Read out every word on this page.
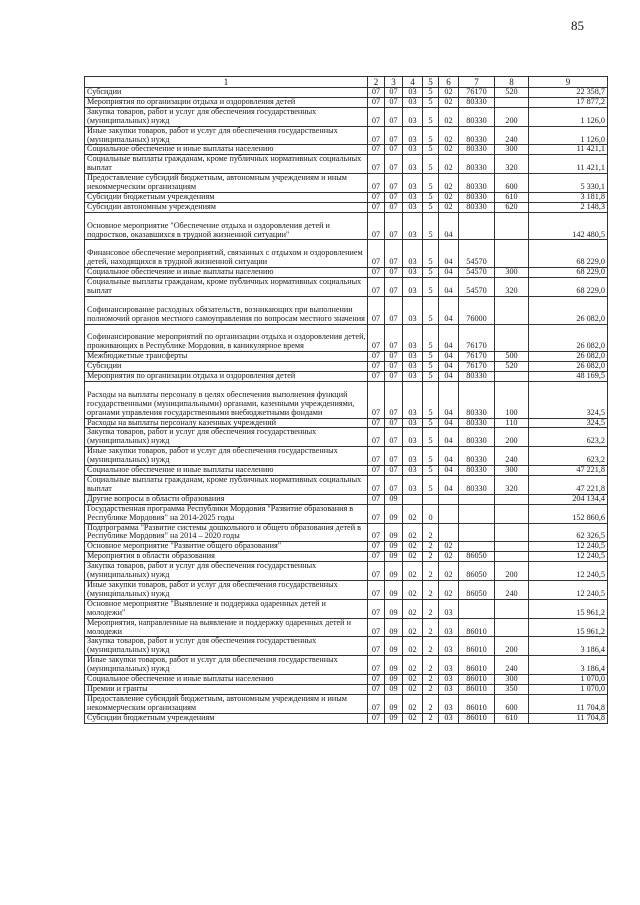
85
1	2	3	4	5	6	7	8	9
Субсидии	07	07	03	5	02	76170	520	22 358,7
Мероприятия по организации отдыха и оздоровления детей	07	07	03	5	02	80330		17 877,2
Закупка товаров, работ и услуг для обеспечения государственных (муниципальных) нужд	07	07	03	5	02	80330	200	1 126,0
Иные закупки товаров, работ и услуг для обеспечения государственных (муниципальных) нужд	07	07	03	5	02	80330	240	1 126,0
Социальное обеспечение и иные выплаты населению	07	07	03	5	02	80330	300	11 421,1
Социальные выплаты гражданам, кроме публичных нормативных социальных выплат	07	07	03	5	02	80330	320	11 421,1
Предоставление субсидий бюджетным, автономным учреждениям и иным некоммерческим организациям	07	07	03	5	02	80330	600	5 330,1
Субсидии бюджетным учреждениям	07	07	03	5	02	80330	610	3 181,8
Субсидии автономным учреждениям	07	07	03	5	02	80330	620	2 148,3
Основное мероприятие "Обеспечение отдыха и оздоровления детей и подростков, оказавшихся в трудной жизненной ситуации"	07	07	03	5	04			142 480,5
Финансовое обеспечение мероприятий, связанных с отдыхом и оздоровлением детей, находящихся в трудной жизненной ситуации	07	07	03	5	04	54570		68 229,0
Социальное обеспечение и иные выплаты населению	07	07	03	5	04	54570	300	68 229,0
Социальные выплаты гражданам, кроме публичных нормативных социальных выплат	07	07	03	5	04	54570	320	68 229,0
Софинансирование расходных обязательств, возникающих при выполнении полномочий органов местного самоуправления по вопросам местного значения	07	07	03	5	04	76000		26 082,0
Софинансирование мероприятий по организации отдыха и оздоровления детей, проживающих в Республике Мордовия, в каникулярное время	07	07	03	5	04	76170		26 082,0
Межбюджетные трансферты	07	07	03	5	04	76170	500	26 082,0
Субсидии	07	07	03	5	04	76170	520	26 082,0
Мероприятия по организации отдыха и оздоровления детей	07	07	03	5	04	80330		48 169,5
Расходы на выплаты персоналу в целях обеспечения выполнения функций государственными (муниципальными) органами, казенными учреждениями, органами управления государственными внебюджетными фондами	07	07	03	5	04	80330	100	324,5
Расходы на выплаты персоналу казенных учреждений	07	07	03	5	04	80330	110	324,5
Закупка товаров, работ и услуг для обеспечения государственных (муниципальных) нужд	07	07	03	5	04	80330	200	623,2
Иные закупки товаров, работ и услуг для обеспечения государственных (муниципальных) нужд	07	07	03	5	04	80330	240	623,2
Социальное обеспечение и иные выплаты населению	07	07	03	5	04	80330	300	47 221,8
Социальные выплаты гражданам, кроме публичных нормативных социальных выплат	07	07	03	5	04	80330	320	47 221,8
Другие вопросы в области образования	07	09						204 134,4
Государственная программа Республики Мордовия "Развитие образования в Республике Мордовия" на 2014-2025 годы	07	09	02	0				152 860,6
Подпрограмма "Развитие системы дошкольного и общего образования детей в Республике Мордовия" на 2014 – 2020 годы	07	09	02	2				62 326,5
Основное мероприятие "Развитие общего образования"	07	09	02	2	02			12 240,5
Мероприятия в области образования	07	09	02	2	02	86050		12 240,5
Закупка товаров, работ и услуг для обеспечения государственных (муниципальных) нужд	07	09	02	2	02	86050	200	12 240,5
Иные закупки товаров, работ и услуг для обеспечения государственных (муниципальных) нужд	07	09	02	2	02	86050	240	12 240,5
Основное мероприятие "Выявление и поддержка одаренных детей и молодежи"	07	09	02	2	03			15 961,2
Мероприятия, направленные на выявление и поддержку одаренных детей и молодежи	07	09	02	2	03	86010		15 961,2
Закупка товаров, работ и услуг для обеспечения государственных (муниципальных) нужд	07	09	02	2	03	86010	200	3 186,4
Иные закупки товаров, работ и услуг для обеспечения государственных (муниципальных) нужд	07	09	02	2	03	86010	240	3 186,4
Социальное обеспечение и иные выплаты населению	07	09	02	2	03	86010	300	1 070,0
Премии и гранты	07	09	02	2	03	86010	350	1 070,0
Предоставление субсидий бюджетным, автономным учреждениям и иным некоммерческим организациям	07	09	02	2	03	86010	600	11 704,8
Субсидии бюджетным учреждениям	07	09	02	2	03	86010	610	11 704,8
